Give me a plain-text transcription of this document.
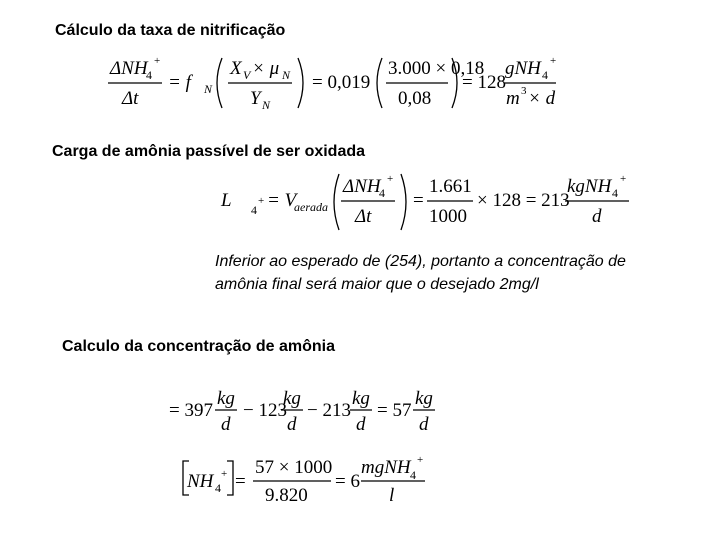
Cálculo da taxa de nitrificação
ΔNH
4
+
Δt
= f N
X V × μ N
Y N
= 0,019
3.000 × 0,18
0,08
= 128
gNH 4
+
m 3 × d
Carga de amônia passível de ser oxidada
L 4
+ = V
aerada
ΔNH
4
+
Δt
=
1.661
1000
× 128 = 213
kgNH 4
+
d
Inferior ao esperado de (254), portanto a concentração de
amônia final será maior que o desejado 2mg/l
Calculo da concentração de amônia
= 397
kg
d
− 123
kg
d
− 213
kg
d
= 57
kg
d
NH 4
+ =
57 × 1000
9.820
= 6
mgNH 4
+
l
